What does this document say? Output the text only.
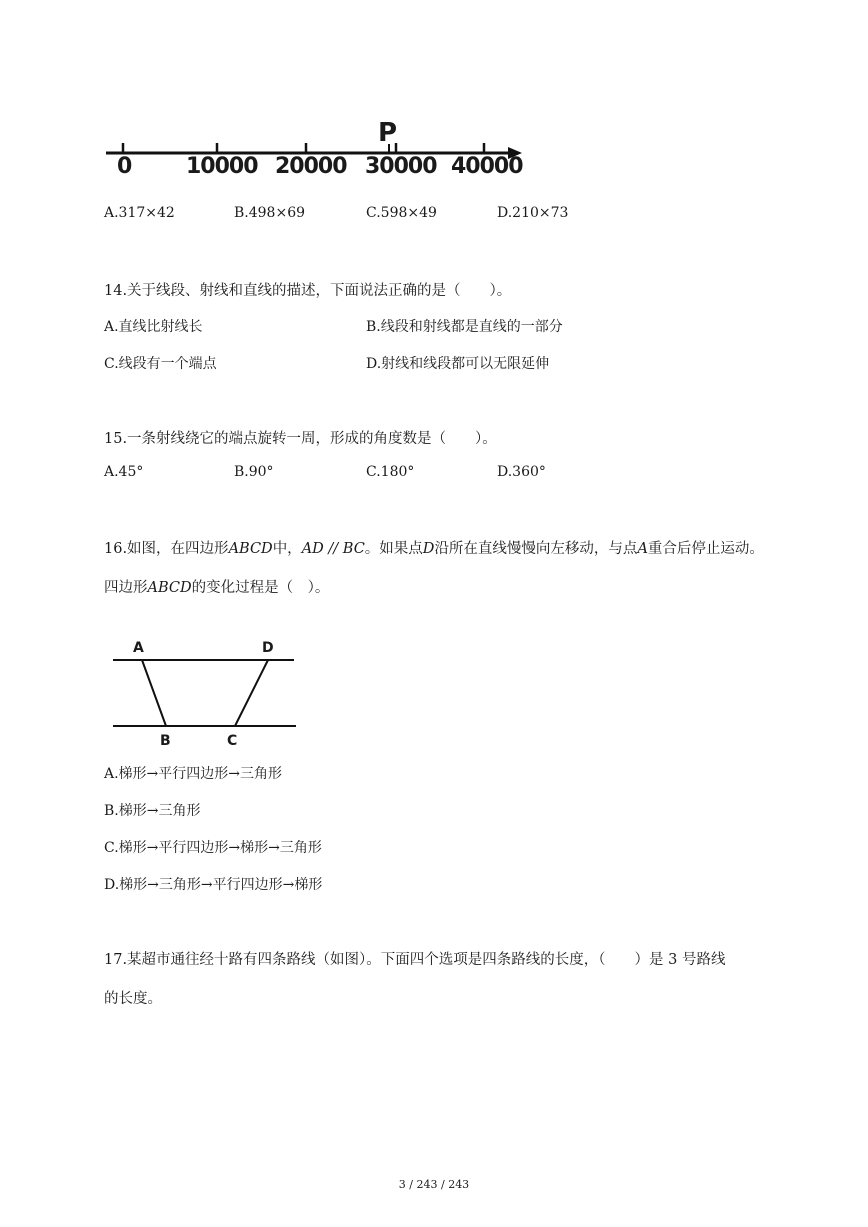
P
0 10000 20000 30000 40000
A.317×42	B.498×69	C.598×49	D.210×73
14.关于线段、射线和直线的描述，下面说法正确的是（　　）。
A.直线比射线长	B.线段和射线都是直线的一部分
C.线段有一个端点	D.射线和线段都可以无限延伸
15.一条射线绕它的端点旋转一周，形成的角度数是（　　）。
A.45°	B.90°	C.180°	D.360°
16.如图，在四边形ABCD中，AD // BC。如果点D沿所在直线慢慢向左移动，与点A重合后停止运动。
四边形ABCD的变化过程是（　）。
A	D
B	C
A.梯形→平行四边形→三角形
B.梯形→三角形
C.梯形→平行四边形→梯形→三角形
D.梯形→三角形→平行四边形→梯形
17.某超市通往经十路有四条路线（如图）。下面四个选项是四条路线的长度，（　　）是 3 号路线
的长度。
3 / 243 / 243
